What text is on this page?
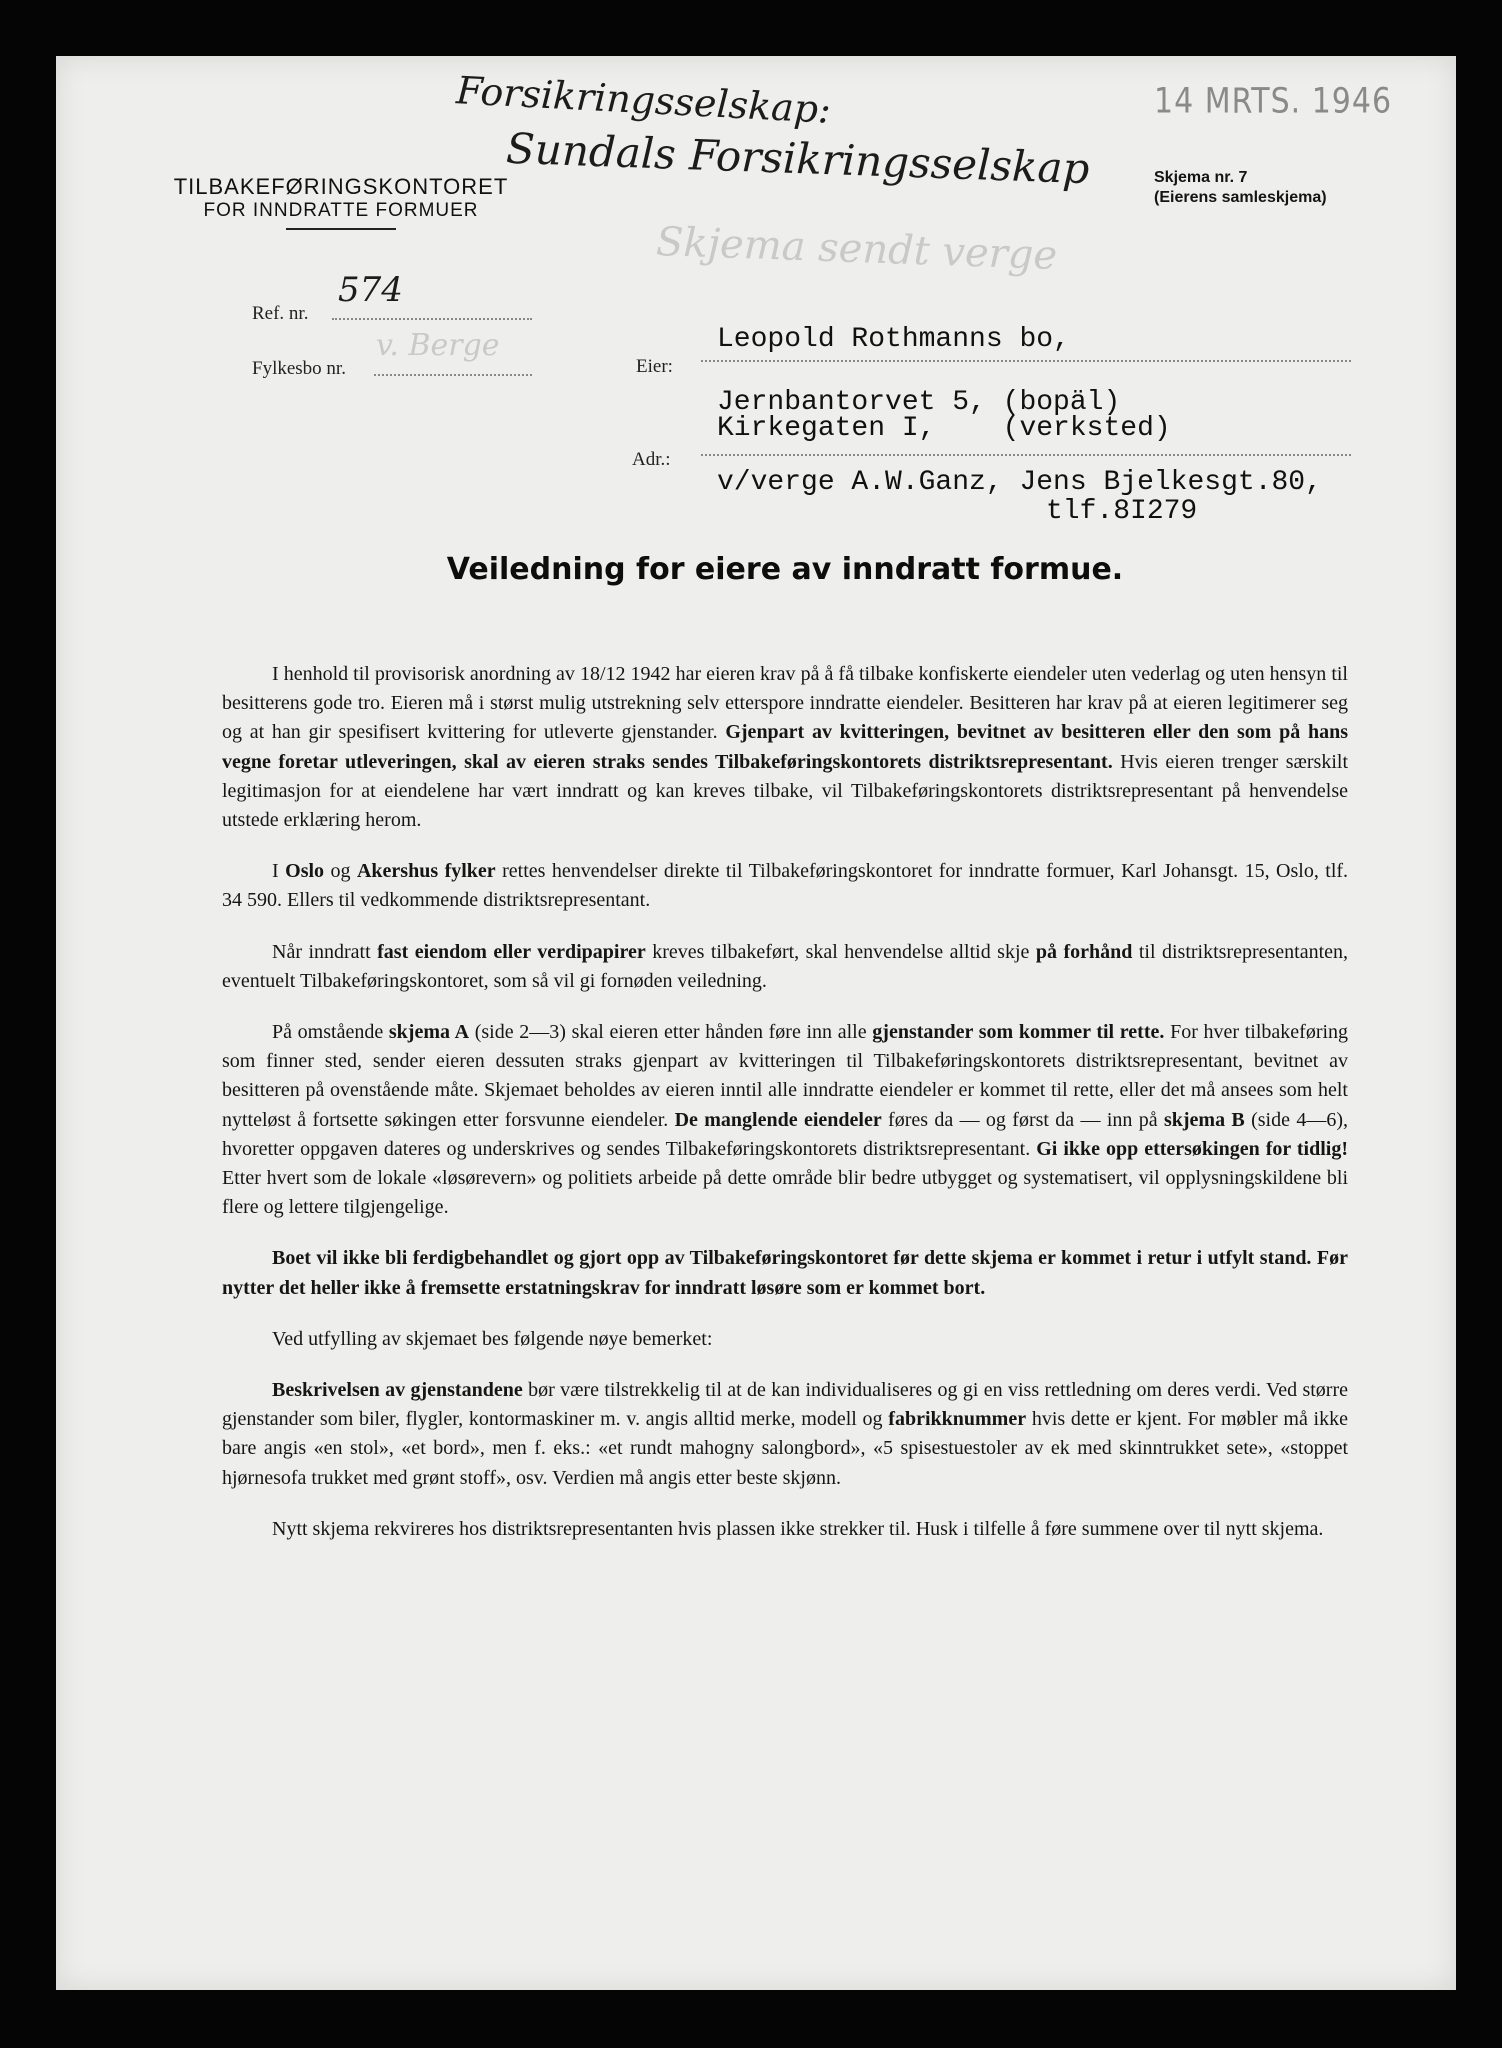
Forsikringsselskap:
Sundals Forsikringsselskap
Skjema sendt verge
14 MRTS. 1946
TILBAKEFØRINGSKONTORET
FOR INNDRATTE FORMUER
Skjema nr. 7
(Eierens samleskjema)
Ref. nr.
574
Fylkesbo nr.
v. Berge
Eier:
Adr.:
Leopold Rothmanns bo,
Jernbantorvet 5, (bopäl)
Kirkegaten I,    (verksted)
v/verge A.W.Ganz, Jens Bjelkesgt.80,
tlf.8I279
Veiledning for eiere av inndratt formue.

I henhold til provisorisk anordning av 18/12 1942 har eieren krav på å få tilbake konfiskerte eiendeler uten vederlag og uten hensyn til besitterens gode tro. Eieren må i størst mulig utstrekning selv etterspore inndratte eiendeler. Besitteren har krav på at eieren legitimerer seg og at han gir spesifisert kvittering for utleverte gjenstander. Gjenpart av kvitteringen, bevitnet av besitteren eller den som på hans vegne foretar utleveringen, skal av eieren straks sendes Tilbakeføringskontorets distriktsrepresentant. Hvis eieren trenger særskilt legitimasjon for at eiendelene har vært inndratt og kan kreves tilbake, vil Tilbakeføringskontorets distriktsrepresentant på henvendelse utstede erklæring herom.

I Oslo og Akershus fylker rettes henvendelser direkte til Tilbakeføringskontoret for inndratte formuer, Karl Johansgt. 15, Oslo, tlf. 34 590. Ellers til vedkommende distriktsrepresentant.

Når inndratt fast eiendom eller verdipapirer kreves tilbakeført, skal henvendelse alltid skje på forhånd til distriktsrepresentanten, eventuelt Tilbakeføringskontoret, som så vil gi fornøden veiledning.

På omstående skjema A (side 2—3) skal eieren etter hånden føre inn alle gjenstander som kommer til rette. For hver tilbakeføring som finner sted, sender eieren dessuten straks gjenpart av kvitteringen til Tilbakeføringskontorets distriktsrepresentant, bevitnet av besitteren på ovenstående måte. Skjemaet beholdes av eieren inntil alle inndratte eiendeler er kommet til rette, eller det må ansees som helt nytteløst å fortsette søkingen etter forsvunne eiendeler. De manglende eiendeler føres da — og først da — inn på skjema B (side 4—6), hvoretter oppgaven dateres og underskrives og sendes Tilbakeføringskontorets distriktsrepresentant. Gi ikke opp ettersøkingen for tidlig! Etter hvert som de lokale «løsørevern» og politiets arbeide på dette område blir bedre utbygget og systematisert, vil opplysningskildene bli flere og lettere tilgjengelige.

Boet vil ikke bli ferdigbehandlet og gjort opp av Tilbakeføringskontoret før dette skjema er kommet i retur i utfylt stand. Før nytter det heller ikke å fremsette erstatningskrav for inndratt løsøre som er kommet bort.

Ved utfylling av skjemaet bes følgende nøye bemerket:

Beskrivelsen av gjenstandene bør være tilstrekkelig til at de kan individualiseres og gi en viss rettledning om deres verdi. Ved større gjenstander som biler, flygler, kontormaskiner m. v. angis alltid merke, modell og fabrikknummer hvis dette er kjent. For møbler må ikke bare angis «en stol», «et bord», men f. eks.: «et rundt mahogny salongbord», «5 spisestuestoler av ek med skinntrukket sete», «stoppet hjørnesofa trukket med grønt stoff», osv. Verdien må angis etter beste skjønn.

Nytt skjema rekvireres hos distriktsrepresentanten hvis plassen ikke strekker til. Husk i tilfelle å føre summene over til nytt skjema.
